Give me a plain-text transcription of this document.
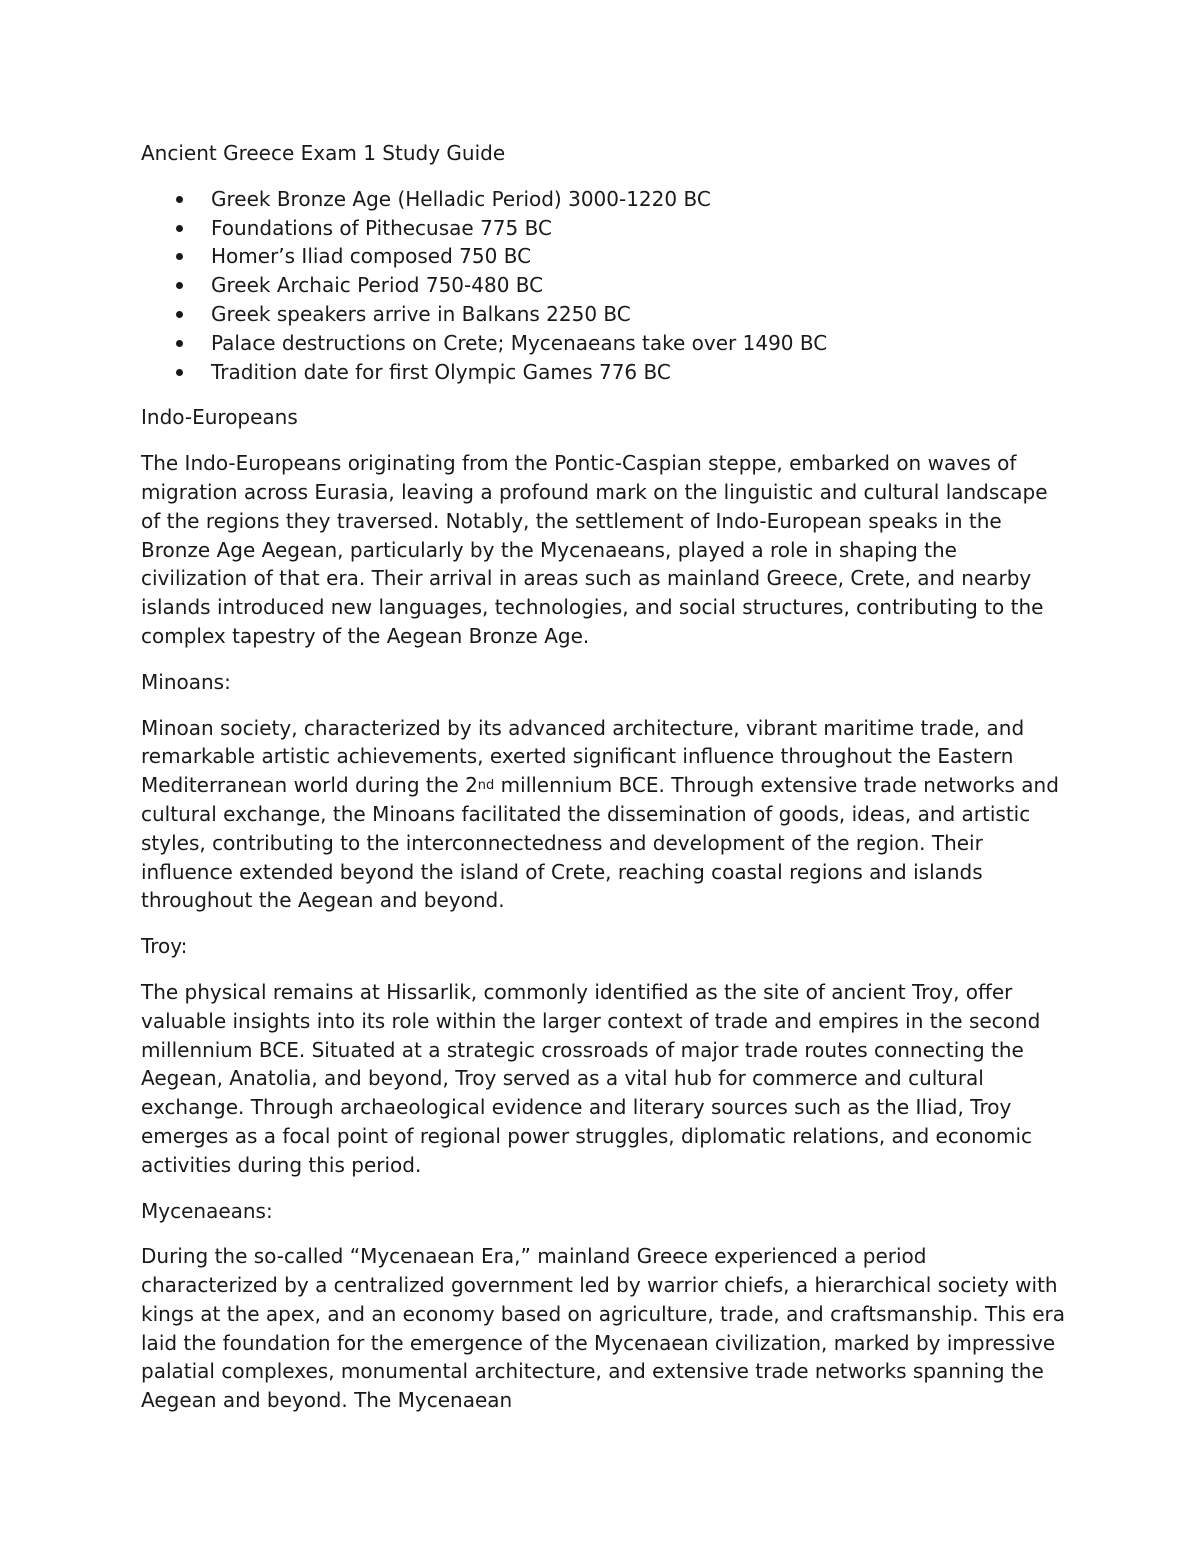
Ancient Greece Exam 1 Study Guide
Greek Bronze Age (Helladic Period) 3000-1220 BC
Foundations of Pithecusae 775 BC
Homer’s Iliad composed 750 BC
Greek Archaic Period 750-480 BC
Greek speakers arrive in Balkans 2250 BC
Palace destructions on Crete; Mycenaeans take over 1490 BC
Tradition date for first Olympic Games 776 BC
Indo-Europeans

The Indo-Europeans originating from the Pontic-Caspian steppe, embarked on waves of migration across Eurasia, leaving a profound mark on the linguistic and cultural landscape of the regions they traversed. Notably, the settlement of Indo-European speaks in the Bronze Age Aegean, particularly by the Mycenaeans, played a role in shaping the civilization of that era. Their arrival in areas such as mainland Greece, Crete, and nearby islands introduced new languages, technologies, and social structures, contributing to the complex tapestry of the Aegean Bronze Age.

Minoans:

Minoan society, characterized by its advanced architecture, vibrant maritime trade, and remarkable artistic achievements, exerted significant influence throughout the Eastern Mediterranean world during the 2nd millennium BCE. Through extensive trade networks and cultural exchange, the Minoans facilitated the dissemination of goods, ideas, and artistic styles, contributing to the interconnectedness and development of the region. Their influence extended beyond the island of Crete, reaching coastal regions and islands throughout the Aegean and beyond.

Troy:

The physical remains at Hissarlik, commonly identified as the site of ancient Troy, offer valuable insights into its role within the larger context of trade and empires in the second millennium BCE. Situated at a strategic crossroads of major trade routes connecting the Aegean, Anatolia, and beyond, Troy served as a vital hub for commerce and cultural exchange. Through archaeological evidence and literary sources such as the Iliad, Troy emerges as a focal point of regional power struggles, diplomatic relations, and economic activities during this period.

Mycenaeans:

During the so-called “Mycenaean Era,” mainland Greece experienced a period characterized by a centralized government led by warrior chiefs, a hierarchical society with kings at the apex, and an economy based on agriculture, trade, and craftsmanship. This era laid the foundation for the emergence of the Mycenaean civilization, marked by impressive palatial complexes, monumental architecture, and extensive trade networks spanning the Aegean and beyond. The Mycenaean
